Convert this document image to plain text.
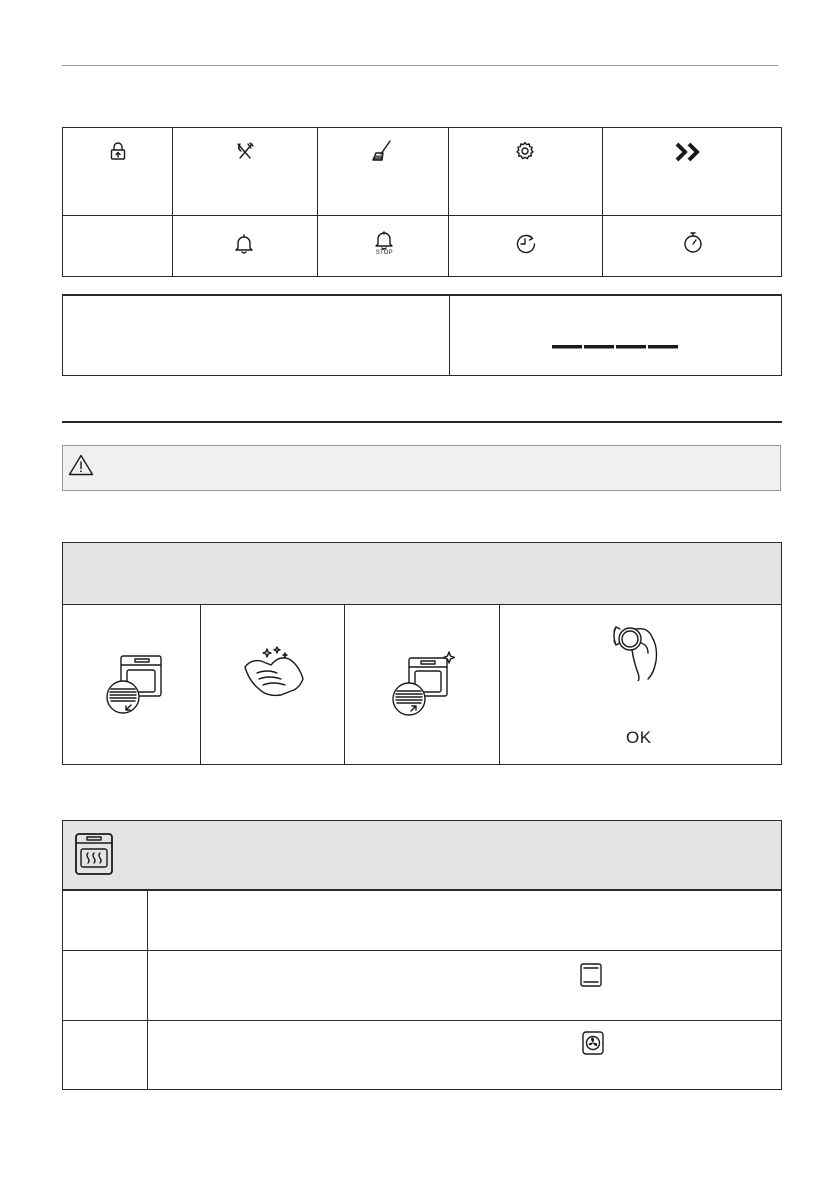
STOP

OK
